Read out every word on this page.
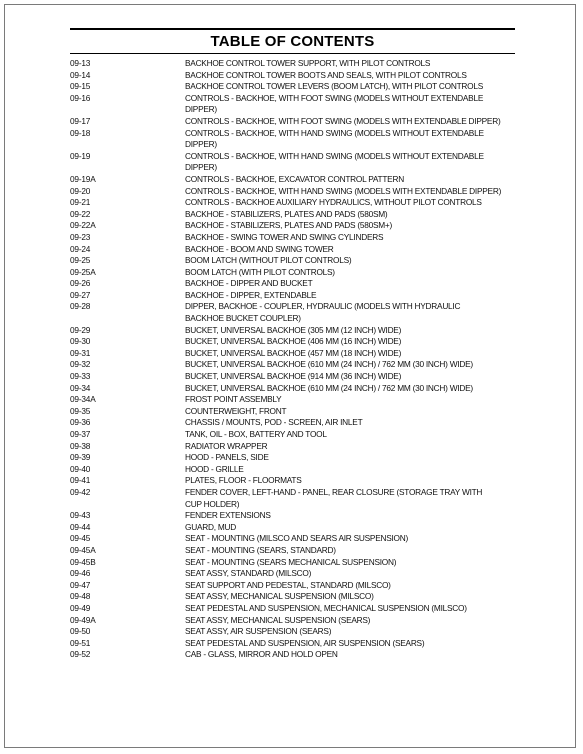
TABLE OF CONTENTS
09-13	BACKHOE CONTROL TOWER SUPPORT, WITH PILOT CONTROLS
09-14	BACKHOE CONTROL TOWER BOOTS AND SEALS, WITH PILOT CONTROLS
09-15	BACKHOE CONTROL TOWER LEVERS (BOOM LATCH), WITH PILOT CONTROLS
09-16	CONTROLS - BACKHOE, WITH FOOT SWING (MODELS WITHOUT EXTENDABLE
DIPPER)
09-17	CONTROLS - BACKHOE, WITH FOOT SWING (MODELS WITH EXTENDABLE DIPPER)
09-18	CONTROLS - BACKHOE, WITH HAND SWING (MODELS WITHOUT EXTENDABLE
DIPPER)
09-19	CONTROLS - BACKHOE, WITH HAND SWING (MODELS WITHOUT EXTENDABLE
DIPPER)
09-19A	CONTROLS - BACKHOE, EXCAVATOR CONTROL PATTERN
09-20	CONTROLS - BACKHOE, WITH HAND SWING (MODELS WITH EXTENDABLE DIPPER)
09-21	CONTROLS - BACKHOE AUXILIARY HYDRAULICS, WITHOUT PILOT CONTROLS
09-22	BACKHOE - STABILIZERS, PLATES AND PADS (580SM)
09-22A	BACKHOE - STABILIZERS, PLATES AND PADS (580SM+)
09-23	BACKHOE - SWING TOWER AND SWING CYLINDERS
09-24	BACKHOE - BOOM AND SWING TOWER
09-25	BOOM LATCH (WITHOUT PILOT CONTROLS)
09-25A	BOOM LATCH (WITH PILOT CONTROLS)
09-26	BACKHOE - DIPPER AND BUCKET
09-27	BACKHOE - DIPPER, EXTENDABLE
09-28	DIPPER, BACKHOE - COUPLER, HYDRAULIC (MODELS WITH HYDRAULIC
BACKHOE BUCKET COUPLER)
09-29	BUCKET, UNIVERSAL BACKHOE (305 MM (12 INCH) WIDE)
09-30	BUCKET, UNIVERSAL BACKHOE (406 MM (16 INCH) WIDE)
09-31	BUCKET, UNIVERSAL BACKHOE (457 MM (18 INCH) WIDE)
09-32	BUCKET, UNIVERSAL BACKHOE (610 MM (24 INCH) / 762 MM (30 INCH) WIDE)
09-33	BUCKET, UNIVERSAL BACKHOE (914 MM (36 INCH) WIDE)
09-34	BUCKET, UNIVERSAL BACKHOE (610 MM (24 INCH) / 762 MM (30 INCH) WIDE)
09-34A	FROST POINT ASSEMBLY
09-35	COUNTERWEIGHT, FRONT
09-36	CHASSIS / MOUNTS, POD - SCREEN, AIR INLET
09-37	TANK, OIL - BOX, BATTERY AND TOOL
09-38	RADIATOR WRAPPER
09-39	HOOD - PANELS, SIDE
09-40	HOOD - GRILLE
09-41	PLATES, FLOOR - FLOORMATS
09-42	FENDER COVER, LEFT-HAND - PANEL, REAR CLOSURE (STORAGE TRAY WITH
CUP HOLDER)
09-43	FENDER EXTENSIONS
09-44	GUARD, MUD
09-45	SEAT - MOUNTING (MILSCO AND SEARS AIR SUSPENSION)
09-45A	SEAT - MOUNTING (SEARS, STANDARD)
09-45B	SEAT - MOUNTING (SEARS MECHANICAL SUSPENSION)
09-46	SEAT ASSY, STANDARD (MILSCO)
09-47	SEAT SUPPORT AND PEDESTAL, STANDARD (MILSCO)
09-48	SEAT ASSY, MECHANICAL SUSPENSION (MILSCO)
09-49	SEAT PEDESTAL AND SUSPENSION, MECHANICAL SUSPENSION (MILSCO)
09-49A	SEAT ASSY, MECHANICAL SUSPENSION (SEARS)
09-50	SEAT ASSY, AIR SUSPENSION (SEARS)
09-51	SEAT PEDESTAL AND SUSPENSION, AIR SUSPENSION (SEARS)
09-52	CAB - GLASS, MIRROR AND HOLD OPEN
